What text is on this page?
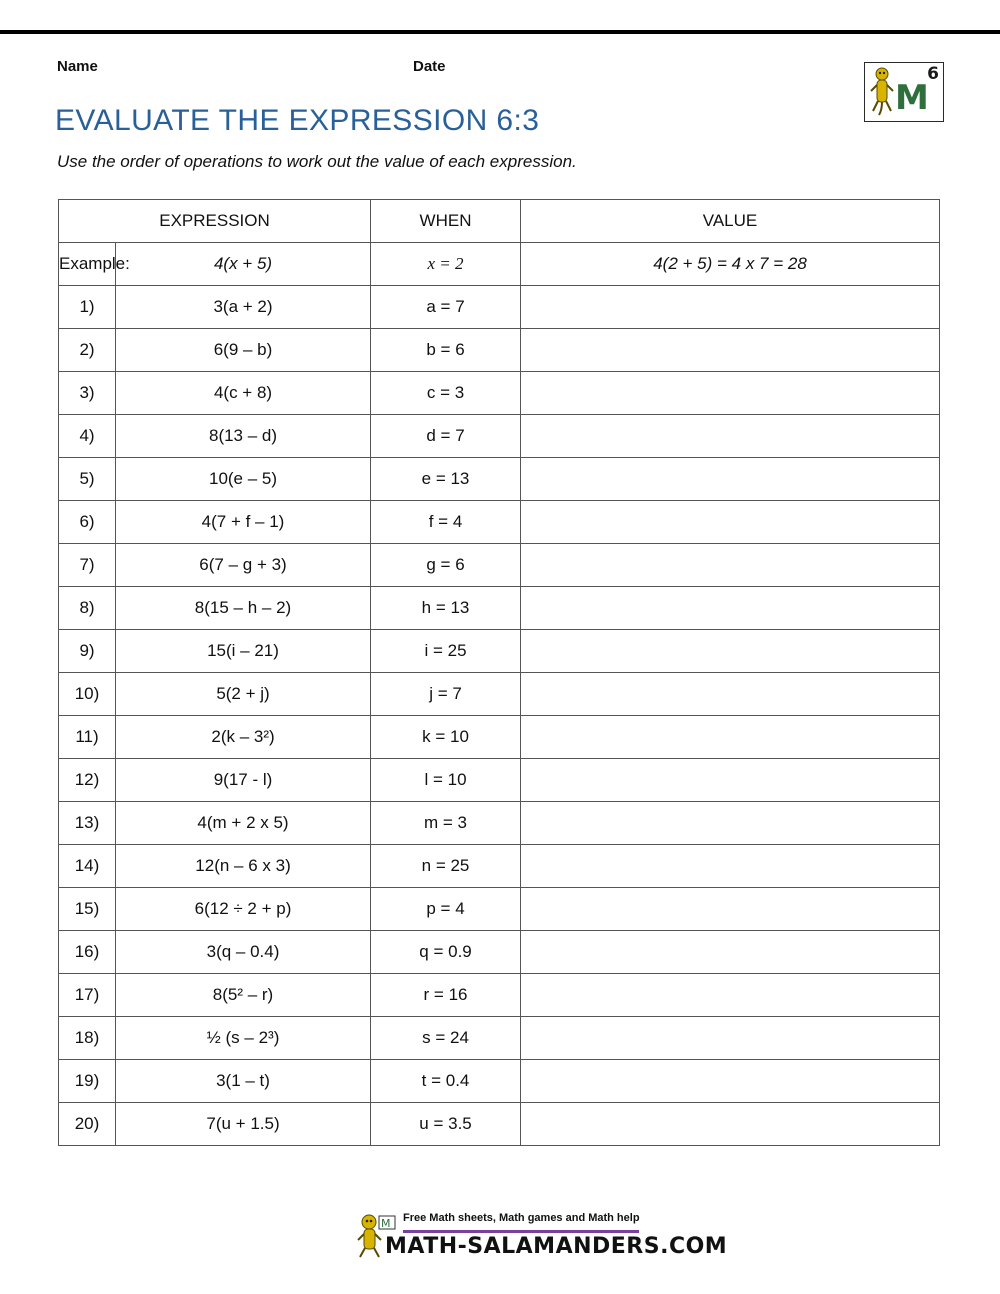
Name	Date	6
M
EVALUATE THE EXPRESSION 6:3
Use the order of operations to work out the value of each expression.
EXPRESSION		WHEN	VALUE
Example:	4(x + 5)	x = 2	4(2 + 5) = 4 x 7 = 28
1)	3(a + 2)	a = 7	
2)	6(9 – b)	b = 6	
3)	4(c + 8)	c = 3	
4)	8(13 – d)	d = 7	
5)	10(e – 5)	e = 13	
6)	4(7 + f – 1)	f = 4	
7)	6(7 – g + 3)	g = 6	
8)	8(15 – h – 2)	h = 13	
9)	15(i – 21)	i = 25	
10)	5(2 + j)	j = 7	
11)	2(k – 3²)	k = 10	
12)	9(17 - l)	l = 10	
13)	4(m + 2 x 5)	m = 3	
14)	12(n – 6 x 3)	n = 25	
15)	6(12 ÷ 2 + p)	p = 4	
16)	3(q – 0.4)	q = 0.9	
17)	8(5² – r)	r = 16	
18)	½ (s – 2³)	s = 24	
19)	3(1 – t)	t = 0.4	
20)	7(u + 1.5)	u = 3.5	
M Free Math sheets, Math games and Math help
MATH-SALAMANDERS.COM
